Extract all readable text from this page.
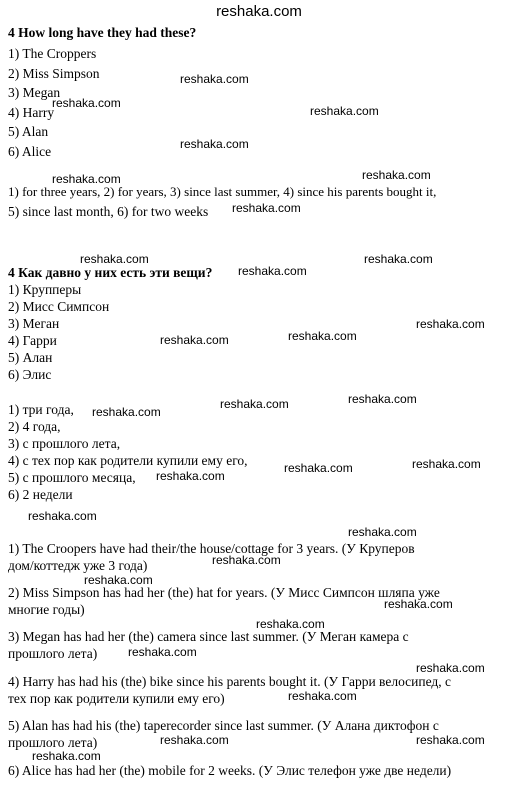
reshaka.com
4 How long have they had these?
1) The Croppers
2) Miss Simpson
3) Megan
4) Harry
5) Alan
6) Alice
1) for three years, 2) for years, 3) since last summer, 4) since his parents bought it,
5) since last month, 6) for two weeks
4 Как давно у них есть эти вещи?
1) Крупперы
2) Мисс Симпсон
3) Меган
4) Гарри
5) Алан
6) Элис
1) три года,
2) 4 года,
3) с прошлого лета,
4) с тех пор как родители купили ему его,
5) с прошлого месяца,
6) 2 недели
1) The Croopers have had their/the house/cottage for 3 years. (У Круперов
дом/коттедж уже 3 года)
2) Miss Simpson has had her (the) hat for years. (У Мисс Симпсон шляпа уже
многие годы)
3) Megan has had her (the) camera since last summer. (У Меган камера с
прошлого лета)
4) Harry has had his (the) bike since his parents bought it. (У Гарри велосипед, с
тех пор как родители купили ему его)
5) Alan has had his (the) taperecorder since last summer. (У Алана диктофон с
прошлого лета)
6) Alice has had her (the) mobile for 2 weeks. (У Элис телефон уже две недели)
reshaka.com
reshaka.com
reshaka.com
reshaka.com
reshaka.com	reshaka.com
reshaka.com
reshaka.com	reshaka.com
reshaka.com
reshaka.com
reshaka.com
reshaka.com
reshaka.com
reshaka.com
reshaka.com
reshaka.com
reshaka.com
reshaka.com
reshaka.com
reshaka.com
reshaka.com
reshaka.com
reshaka.com
reshaka.com
reshaka.com
reshaka.com
reshaka.com
reshaka.com	reshaka.com
reshaka.com
